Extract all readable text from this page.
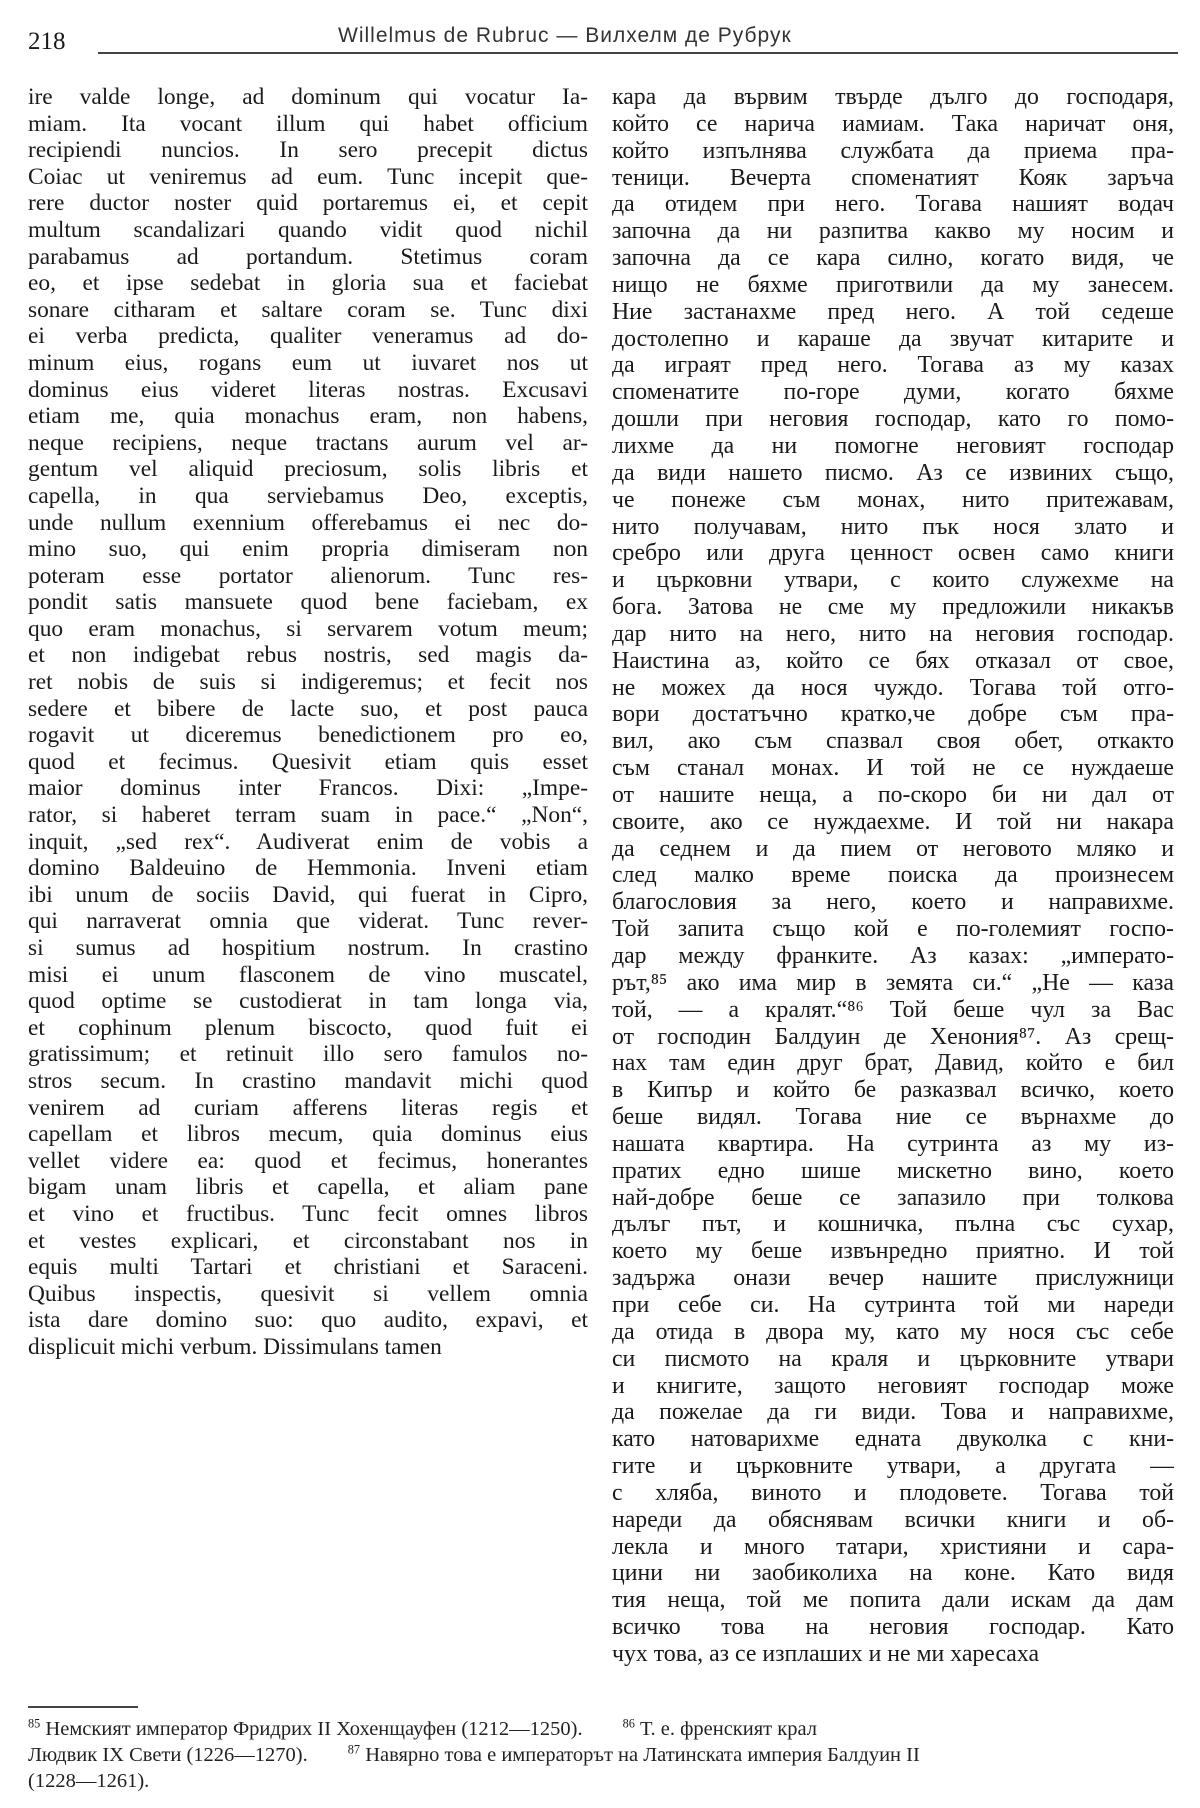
218	Willelmus de Rubruc — Вилхелм де Рубрук
ire valde longe, ad dominum qui vocatur Ia-
miam. Ita vocant illum qui habet officium
recipiendi nuncios. In sero precepit dictus
Coiac ut veniremus ad eum. Tunc incepit que-
rere ductor noster quid portaremus ei, et cepit
multum scandalizari quando vidit quod nichil
parabamus ad portandum. Stetimus coram
eo, et ipse sedebat in gloria sua et faciebat
sonare citharam et saltare coram se. Tunc dixi
ei verba predicta, qualiter veneramus ad do-
minum eius, rogans eum ut iuvaret nos ut
dominus eius videret literas nostras. Excusavi
etiam me, quia monachus eram, non habens,
neque recipiens, neque tractans aurum vel ar-
gentum vel aliquid preciosum, solis libris et
capella, in qua serviebamus Deo, exceptis,
unde nullum exennium offerebamus ei nec do-
mino suo, qui enim propria dimiseram non
poteram esse portator alienorum. Tunc res-
pondit satis mansuete quod bene faciebam, ex
quo eram monachus, si servarem votum meum;
et non indigebat rebus nostris, sed magis da-
ret nobis de suis si indigeremus; et fecit nos
sedere et bibere de lacte suo, et post pauca
rogavit ut diceremus benedictionem pro eo,
quod et fecimus. Quesivit etiam quis esset
maior dominus inter Francos. Dixi: „Impe-
rator, si haberet terram suam in pace.“ „Non“,
inquit, „sed rex“. Audiverat enim de vobis a
domino Baldeuino de Hemmonia. Inveni etiam
ibi unum de sociis David, qui fuerat in Cipro,
qui narraverat omnia que viderat. Tunc rever-
si sumus ad hospitium nostrum. In crastino
misi ei unum flasconem de vino muscatel,
quod optime se custodierat in tam longa via,
et cophinum plenum biscocto, quod fuit ei
gratissimum; et retinuit illo sero famulos no-
stros secum. In crastino mandavit michi quod
venirem ad curiam afferens literas regis et
capellam et libros mecum, quia dominus eius
vellet videre ea: quod et fecimus, honerantes
bigam unam libris et capella, et aliam pane
et vino et fructibus. Tunc fecit omnes libros
et vestes explicari, et circonstabant nos in
equis multi Tartari et christiani et Saraceni.
Quibus inspectis, quesivit si vellem omnia
ista dare domino suo: quo audito, expavi, et
displicuit michi verbum. Dissimulans tamen
кара да вървим твърде дълго до господаря,
който се нарича иамиам. Така наричат оня,
който изпълнява службата да приема пра-
теници. Вечерта споменатият Кояк заръча
да отидем при него. Тогава нашият водач
започна да ни разпитва какво му носим и
започна да се кара силно, когато видя, че
нищо не бяхме приготвили да му занесем.
Ние застанахме пред него. А той седеше
достолепно и караше да звучат китарите и
да играят пред него. Тогава аз му казах
споменатите по-горе думи, когато бяхме
дошли при неговия господар, като го помо-
лихме да ни помогне неговият господар
да види нашето писмо. Аз се извиних също,
че понеже съм монах, нито притежавам,
нито получавам, нито пък нося злато и
сребро или друга ценност освен само книги
и църковни утвари, с които служехме на
бога. Затова не сме му предложили никакъв
дар нито на него, нито на неговия господар.
Наистина аз, който се бях отказал от свое,
не можех да нося чуждо. Тогава той отго-
вори достатъчно кратко,че добре съм пра-
вил, ако съм спазвал своя обет, откакто
съм станал монах. И той не се нуждаеше
от нашите неща, а по-скоро би ни дал от
своите, ако се нуждаехме. И той ни накара
да седнем и да пием от неговото мляко и
след малко време поиска да произнесем
благословия за него, което и направихме.
Той запита също кой е по-големият госпо-
дар между франките. Аз казах: „императо-
рът,⁸⁵ ако има мир в земята си.“ „Не — каза
той, — а кралят.“⁸⁶ Той беше чул за Вас
от господин Балдуин де Хенония⁸⁷. Аз срещ-
нах там един друг брат, Давид, който е бил
в Кипър и който бе разказвал всичко, което
беше видял. Тогава ние се върнахме до
нашата квартира. На сутринта аз му из-
пратих едно шише мискетно вино, което
най-добре беше се запазило при толкова
дълъг път, и кошничка, пълна със сухар,
което му беше извънредно приятно. И той
задържа онази вечер нашите прислужници
при себе си. На сутринта той ми нареди
да отида в двора му, като му нося със себе
си писмото на краля и църковните утвари
и книгите, защото неговият господар може
да пожелае да ги види. Това и направихме,
като натоварихме едната двуколка с кни-
гите и църковните утвари, а другата —
с хляба, виното и плодовете. Тогава той
нареди да обяснявам всички книги и об-
лекла и много татари, християни и сара-
цини ни заобиколиха на коне. Като видя
тия неща, той ме попита дали искам да дам
всичко това на неговия господар. Като
чух това, аз се изплаших и не ми харесаха
$^{85}$ Немският император Фридрих II Хохенщауфен (1212—1250).	$^{86}$ Т. е. френският крал
Людвик IX Свети (1226—1270).	$^{87}$ Навярно това е императорът на Латинската империя Балдуин II
(1228—1261).
